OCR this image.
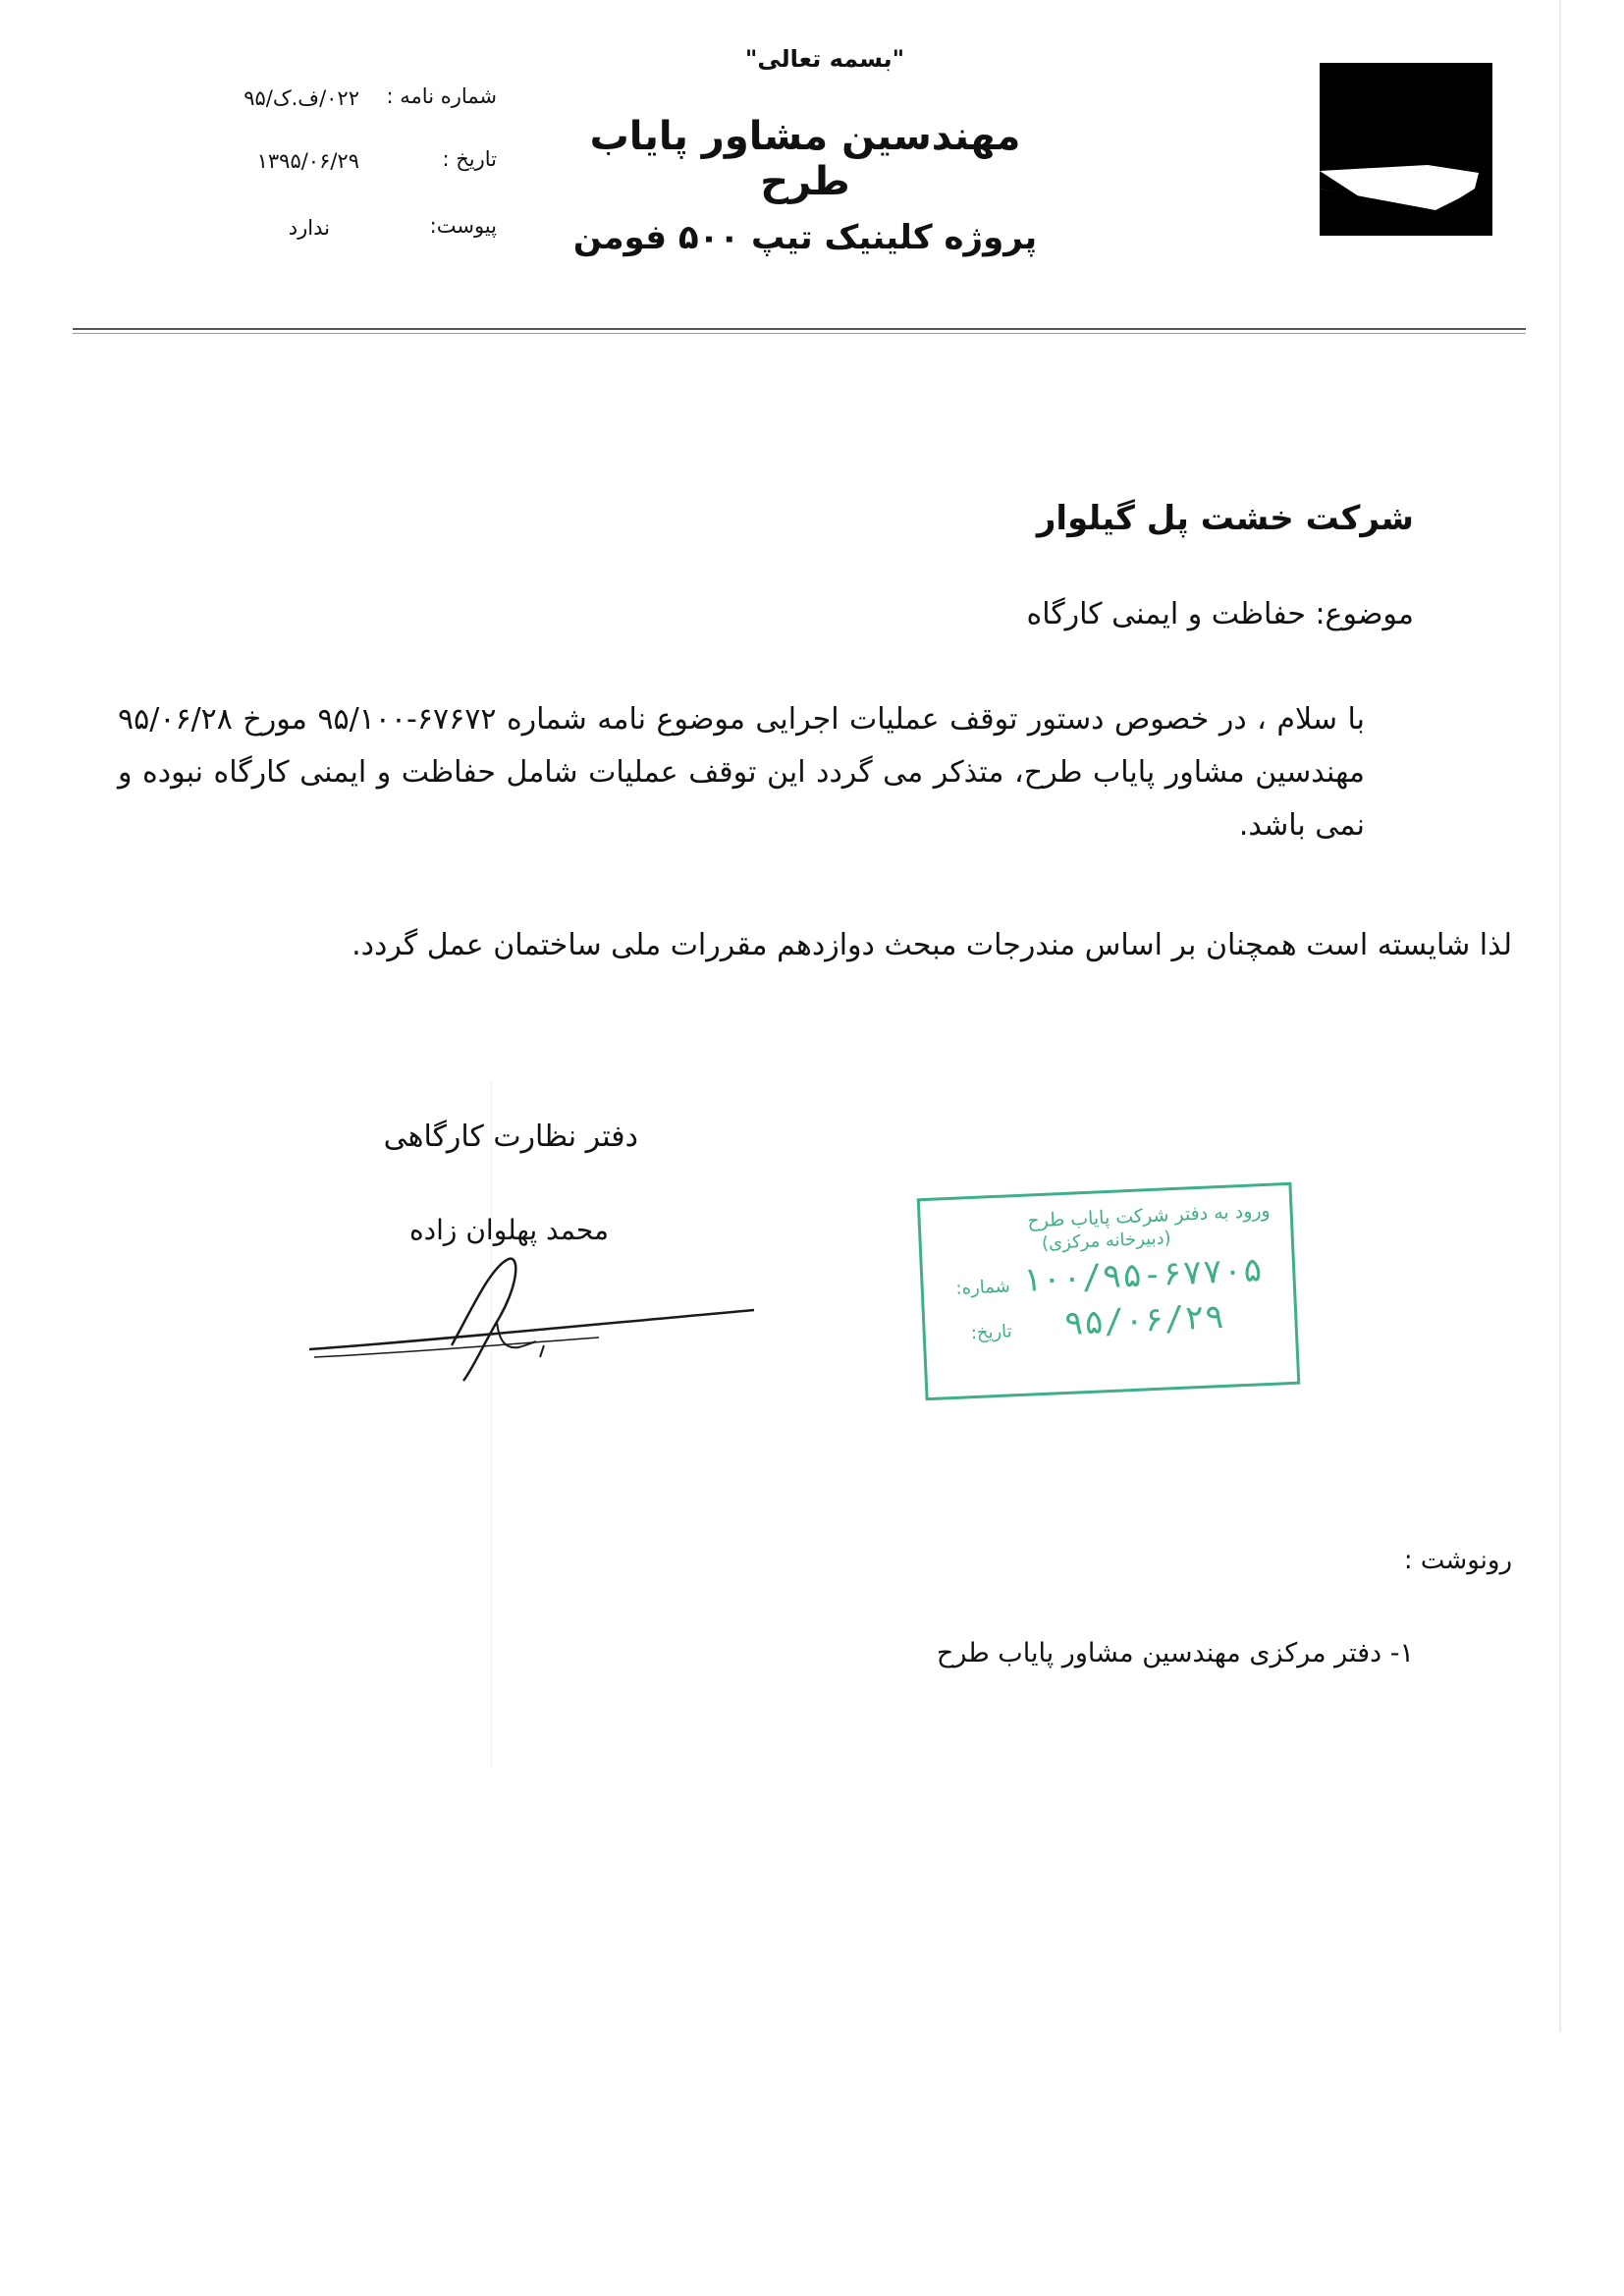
"بسمه تعالی"
مهندسین مشاور پایاب طرح
پروژه کلینیک تیپ ۵۰۰ فومن
شماره نامه :
۰۲۲/ف.ک/۹۵
تاریخ :
۱۳۹۵/۰۶/۲۹
پیوست:
ندارد
شرکت خشت پل گیلوار
موضوع: حفاظت و ایمنی کارگاه
با سلام ، در خصوص دستور توقف عملیات اجرایی موضوع نامه شماره ۶۷۶۷۲-۹۵/۱۰۰ مورخ ۹۵/۰۶/۲۸ مهندسین مشاور پایاب طرح، متذکر می گردد این توقف عملیات شامل حفاظت و ایمنی کارگاه نبوده و نمی باشد.
لذا شایسته است همچنان بر اساس مندرجات مبحث دوازدهم مقررات ملی ساختمان عمل گردد.
دفتر نظارت کارگاهی
محمد پهلوان زاده	ورود به دفتر شرکت پایاب طرح
(دبیرخانه مرکزی)
شماره: ۱۰۰/۹۵-۶۷۷۰۵
تاریخ:	۹۵/۰۶/۲۹
رونوشت :
۱- دفتر مرکزی مهندسین مشاور پایاب طرح
